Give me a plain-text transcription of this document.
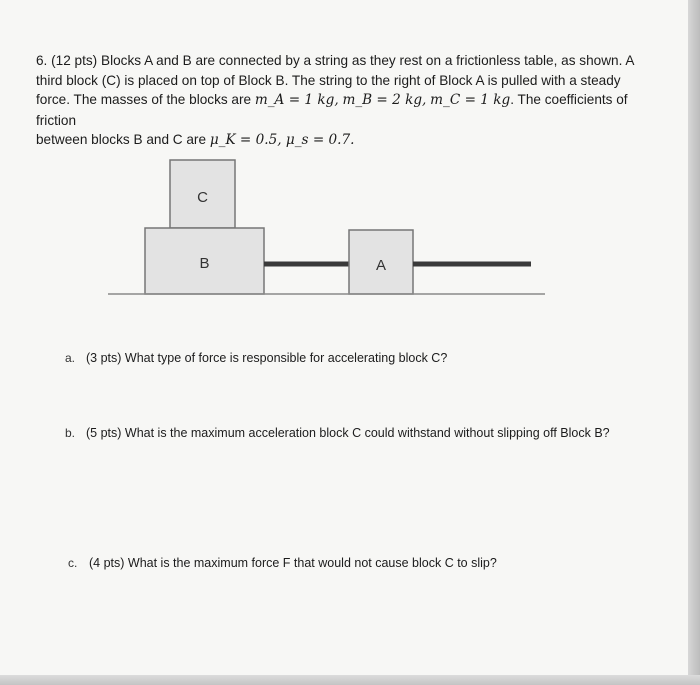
6. (12 pts) Blocks A and B are connected by a string as they rest on a frictionless table, as shown. A
third block (C) is placed on top of Block B. The string to the right of Block A is pulled with a steady
force. The masses of the blocks are m_A = 1 kg, m_B = 2 kg, m_C = 1 kg. The coefficients of friction
between blocks B and C are μ_K = 0.5, μ_s = 0.7.
C
B	A
a. (3 pts) What type of force is responsible for accelerating block C?
b. (5 pts) What is the maximum acceleration block C could withstand without slipping off Block B?
c. (4 pts) What is the maximum force F that would not cause block C to slip?
